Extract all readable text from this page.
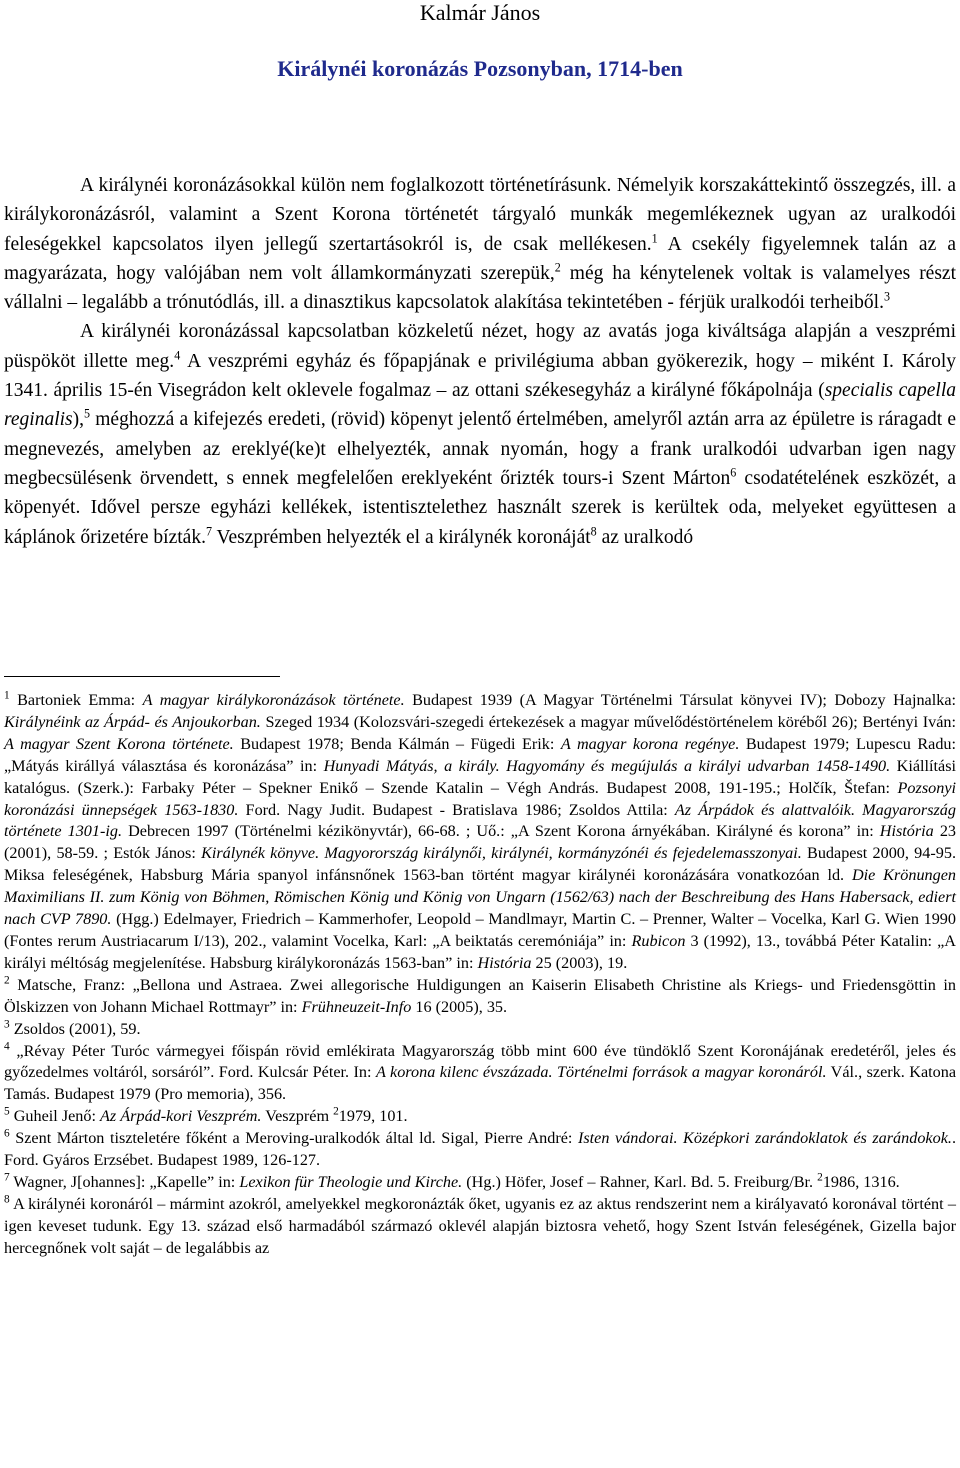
Kalmár János
Királynéi koronázás Pozsonyban, 1714-ben

A királynéi koronázásokkal külön nem foglalkozott történetírásunk. Némelyik korszakáttekintő összegzés, ill. a királykoronázásról, valamint a Szent Korona történetét tárgyaló munkák megemlékeznek ugyan az uralkodói feleségekkel kapcsolatos ilyen jellegű szertartásokról is, de csak mellékesen.$^1$ A csekély figyelemnek talán az a magyarázata, hogy valójában nem volt államkormányzati szerepük,$^2$ még ha kénytelenek voltak is valamelyes részt vállalni – legalább a trónutódlás, ill. a dinasztikus kapcsolatok alakítása tekintetében - férjük uralkodói terheiből.$^3$

A királynéi koronázással kapcsolatban közkeletű nézet, hogy az avatás joga kiváltsága alapján a veszprémi püspököt illette meg.$^4$ A veszprémi egyház és főpapjának e privilégiuma abban gyökerezik, hogy – miként I. Károly 1341. április 15-én Visegrádon kelt oklevele fogalmaz – az ottani székesegyház a királyné főkápolnája (specialis capella reginalis),$^5$ méghozzá a kifejezés eredeti, (rövid) köpenyt jelentő értelmében, amelyről aztán arra az épületre is ráragadt e megnevezés, amelyben az ereklyé(ke)t elhelyezték, annak nyomán, hogy a frank uralkodói udvarban igen nagy megbecsülésenk örvendett, s ennek megfelelően ereklyeként őrizték tours-i Szent Márton$^6$ csodatételének eszközét, a köpenyét. Idővel persze egyházi kellékek, istentisztelethez használt szerek is kerültek oda, melyeket együttesen a káplánok őrizetére bízták.$^7$ Veszprémben helyezték el a királynék koronáját$^8$ az uralkodó

$^1$ Bartoniek Emma: A magyar királykoronázások története. Budapest 1939 (A Magyar Történelmi Társulat könyvei IV); Dobozy Hajnalka: Királynéink az Árpád- és Anjoukorban. Szeged 1934 (Kolozsvári-szegedi értekezések a magyar művelődéstörténelem köréből 26); Bertényi Iván: A magyar Szent Korona története. Budapest 1978; Benda Kálmán – Fügedi Erik: A magyar korona regénye. Budapest 1979; Lupescu Radu: „Mátyás királlyá választása és koronázása” in: Hunyadi Mátyás, a király. Hagyomány és megújulás a királyi udvarban 1458-1490. Kiállítási katalógus. (Szerk.): Farbaky Péter – Spekner Enikő – Szende Katalin – Végh András. Budapest 2008, 191-195.; Holčík, Štefan: Pozsonyi koronázási ünnepségek 1563-1830. Ford. Nagy Judit. Budapest - Bratislava 1986; Zsoldos Attila: Az Árpádok és alattvalóik. Magyarország története 1301-ig. Debrecen 1997 (Történelmi kézikönyvtár), 66-68. ; Uő.: „A Szent Korona árnyékában. Királyné és korona” in: História 23 (2001), 58-59. ; Estók János: Királynék könyve. Magyorország királynői, királynéi, kormányzónéi és fejedelemasszonyai. Budapest 2000, 94-95. Miksa feleségének, Habsburg Mária spanyol infánsnőnek 1563-ban történt magyar királynéi koronázására vonatkozóan ld. Die Krönungen Maximilians II. zum König von Böhmen, Römischen König und König von Ungarn (1562/63) nach der Beschreibung des Hans Habersack, ediert nach CVP 7890. (Hgg.) Edelmayer, Friedrich – Kammerhofer, Leopold – Mandlmayr, Martin C. – Prenner, Walter – Vocelka, Karl G. Wien 1990 (Fontes rerum Austriacarum I/13), 202., valamint Vocelka, Karl: „A beiktatás ceremóniája” in: Rubicon 3 (1992), 13., továbbá Péter Katalin: „A királyi méltóság megjelenítése. Habsburg királykoronázás 1563-ban” in: História 25 (2003), 19.

$^2$ Matsche, Franz: „Bellona und Astraea. Zwei allegorische Huldigungen an Kaiserin Elisabeth Christine als Kriegs- und Friedensgöttin in Ölskizzen von Johann Michael Rottmayr” in: Frühneuzeit-Info 16 (2005), 35.

$^3$ Zsoldos (2001), 59.

$^4$ „Révay Péter Turóc vármegyei főispán rövid emlékirata Magyarország több mint 600 éve tündöklő Szent Koronájának eredetéről, jeles és győzedelmes voltáról, sorsáról”. Ford. Kulcsár Péter. In: A korona kilenc évszázada. Történelmi források a magyar koronáról. Vál., szerk. Katona Tamás. Budapest 1979 (Pro memoria), 356.

$^5$ Guheil Jenő: Az Árpád-kori Veszprém. Veszprém $^2$1979, 101.

$^6$ Szent Márton tiszteletére főként a Meroving-uralkodók által ld. Sigal, Pierre André: Isten vándorai. Középkori zarándoklatok és zarándokok.. Ford. Gyáros Erzsébet. Budapest 1989, 126-127.

$^7$ Wagner, J[ohannes]: „Kapelle” in: Lexikon für Theologie und Kirche. (Hg.) Höfer, Josef – Rahner, Karl. Bd. 5. Freiburg/Br. $^2$1986, 1316.

$^8$ A királynéi koronáról – mármint azokról, amelyekkel megkoronázták őket, ugyanis ez az aktus rendszerint nem a királyavató koronával történt – igen keveset tudunk. Egy 13. század első harmadából származó oklevél alapján biztosra vehető, hogy Szent István feleségének, Gizella bajor hercegnőnek volt saját – de legalábbis az
